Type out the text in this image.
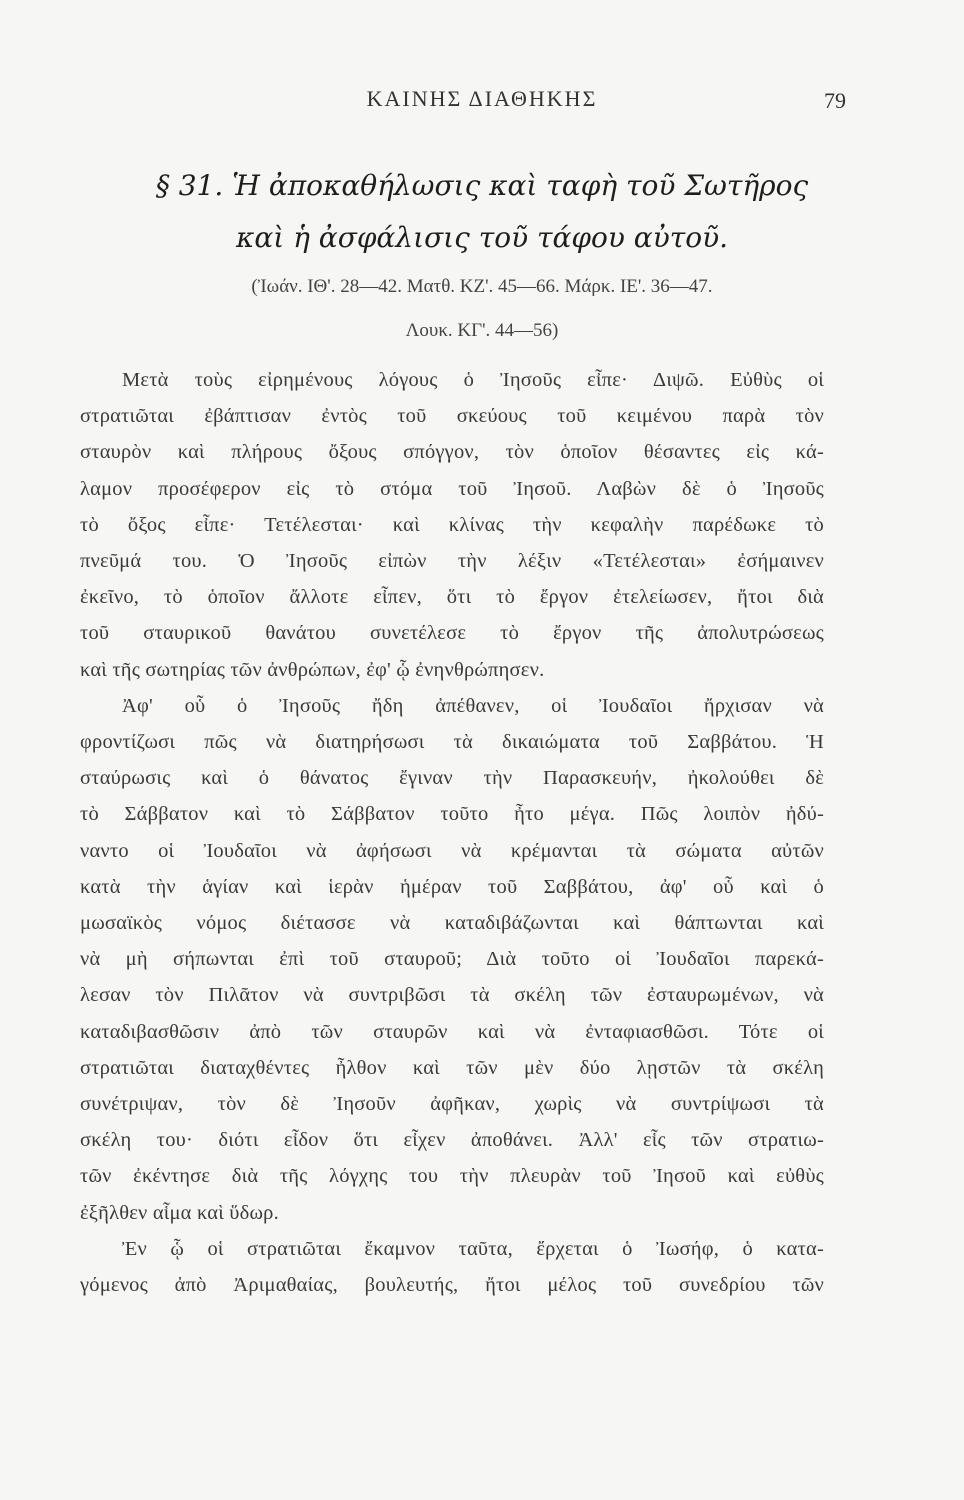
ΚΑΙΝΗΣ ΔΙΑΘΗΚΗΣ	79
§ 31. Ἡ ἀποκαθήλωσις καὶ ταφὴ τοῦ Σωτῆρος
καὶ ἡ ἀσφάλισις τοῦ τάφου αὐτοῦ.
(Ἰωάν. ΙΘ'. 28—42. Ματθ. ΚΖ'. 45—66. Μάρκ. ΙΕ'. 36—47.
Λουκ. ΚΓ'. 44—56)
Μετὰ τοὺς εἰρημένους λόγους ὁ Ἰησοῦς εἶπε· Διψῶ. Εὐθὺς οἱ
στρατιῶται ἐβάπτισαν ἐντὸς τοῦ σκεύους τοῦ κειμένου παρὰ τὸν
σταυρὸν καὶ πλήρους ὄξους σπόγγον, τὸν ὁποῖον θέσαντες εἰς κά-
λαμον προσέφερον εἰς τὸ στόμα τοῦ Ἰησοῦ. Λαβὼν δὲ ὁ Ἰησοῦς
τὸ ὄξος εἶπε· Τετέλεσται· καὶ κλίνας τὴν κεφαλὴν παρέδωκε τὸ
πνεῦμά του. Ὁ Ἰησοῦς εἰπὼν τὴν λέξιν «Τετέλεσται» ἐσήμαινεν
ἐκεῖνο, τὸ ὁποῖον ἄλλοτε εἶπεν, ὅτι τὸ ἔργον ἐτελείωσεν, ἤτοι διὰ
τοῦ σταυρικοῦ θανάτου συνετέλεσε τὸ ἔργον τῆς ἀπολυτρώσεως
καὶ τῆς σωτηρίας τῶν ἀνθρώπων, ἐφ' ᾧ ἐνηνθρώπησεν.
Ἀφ' οὗ ὁ Ἰησοῦς ἤδη ἀπέθανεν, οἱ Ἰουδαῖοι ἤρχισαν νὰ
φροντίζωσι πῶς νὰ διατηρήσωσι τὰ δικαιώματα τοῦ Σαββάτου. Ἡ
σταύρωσις καὶ ὁ θάνατος ἔγιναν τὴν Παρασκευήν, ἠκολούθει δὲ
τὸ Σάββατον καὶ τὸ Σάββατον τοῦτο ἦτο μέγα. Πῶς λοιπὸν ἠδύ-
ναντο οἱ Ἰουδαῖοι νὰ ἀφήσωσι νὰ κρέμανται τὰ σώματα αὐτῶν
κατὰ τὴν ἁγίαν καὶ ἱερὰν ἡμέραν τοῦ Σαββάτου, ἀφ' οὗ καὶ ὁ
μωσαϊκὸς νόμος διέτασσε νὰ καταδιβάζωνται καὶ θάπτωνται καὶ
νὰ μὴ σήπωνται ἐπὶ τοῦ σταυροῦ; Διὰ τοῦτο οἱ Ἰουδαῖοι παρεκά-
λεσαν τὸν Πιλᾶτον νὰ συντριβῶσι τὰ σκέλη τῶν ἐσταυρωμένων, νὰ
καταδιβασθῶσιν ἀπὸ τῶν σταυρῶν καὶ νὰ ἐνταφιασθῶσι. Τότε οἱ
στρατιῶται διαταχθέντες ἦλθον καὶ τῶν μὲν δύο λῃστῶν τὰ σκέλη
συνέτριψαν, τὸν δὲ Ἰησοῦν ἀφῆκαν, χωρὶς νὰ συντρίψωσι τὰ
σκέλη του· διότι εἶδον ὅτι εἶχεν ἀποθάνει. Ἀλλ' εἷς τῶν στρατιω-
τῶν ἐκέντησε διὰ τῆς λόγχης του τὴν πλευρὰν τοῦ Ἰησοῦ καὶ εὐθὺς
ἐξῆλθεν αἷμα καὶ ὕδωρ.
Ἐν ᾧ οἱ στρατιῶται ἔκαμνον ταῦτα, ἔρχεται ὁ Ἰωσήφ, ὁ κατα-
γόμενος ἀπὸ Ἀριμαθαίας, βουλευτής, ἤτοι μέλος τοῦ συνεδρίου τῶν
